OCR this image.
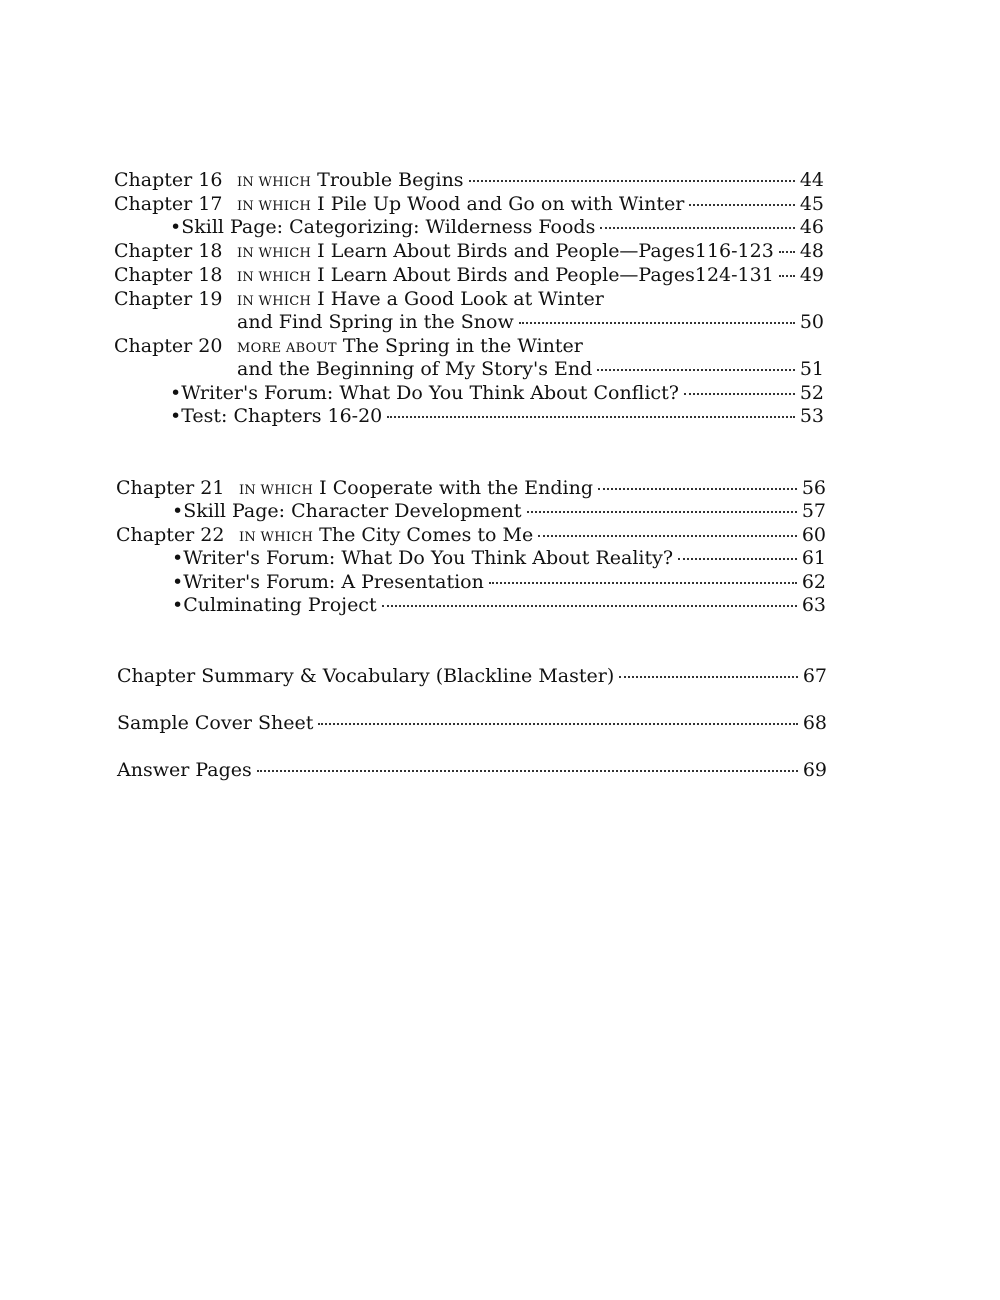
Chapter 16	IN WHICH Trouble Begins	44
Chapter 17	IN WHICH I Pile Up Wood and Go on with Winter	45
•Skill Page: Categorizing: Wilderness Foods	46
Chapter 18	IN WHICH I Learn About Birds and People—Pages116-123 48
Chapter 18	IN WHICH I Learn About Birds and People—Pages124-131 49
Chapter 19	IN WHICH I Have a Good Look at Winter
and Find Spring in the Snow	50
Chapter 20	MORE ABOUT The Spring in the Winter
and the Beginning of My Story's End	51
•Writer's Forum: What Do You Think About Conflict?	52
•Test: Chapters 16-20	53
Chapter 21	IN WHICH I Cooperate with the Ending	56
•Skill Page: Character Development	57
Chapter 22	IN WHICH The City Comes to Me	60
•Writer's Forum: What Do You Think About Reality?	61
•Writer's Forum: A Presentation	62
•Culminating Project	63
Chapter Summary & Vocabulary (Blackline Master)	67
Sample Cover Sheet	68
Answer Pages	69
